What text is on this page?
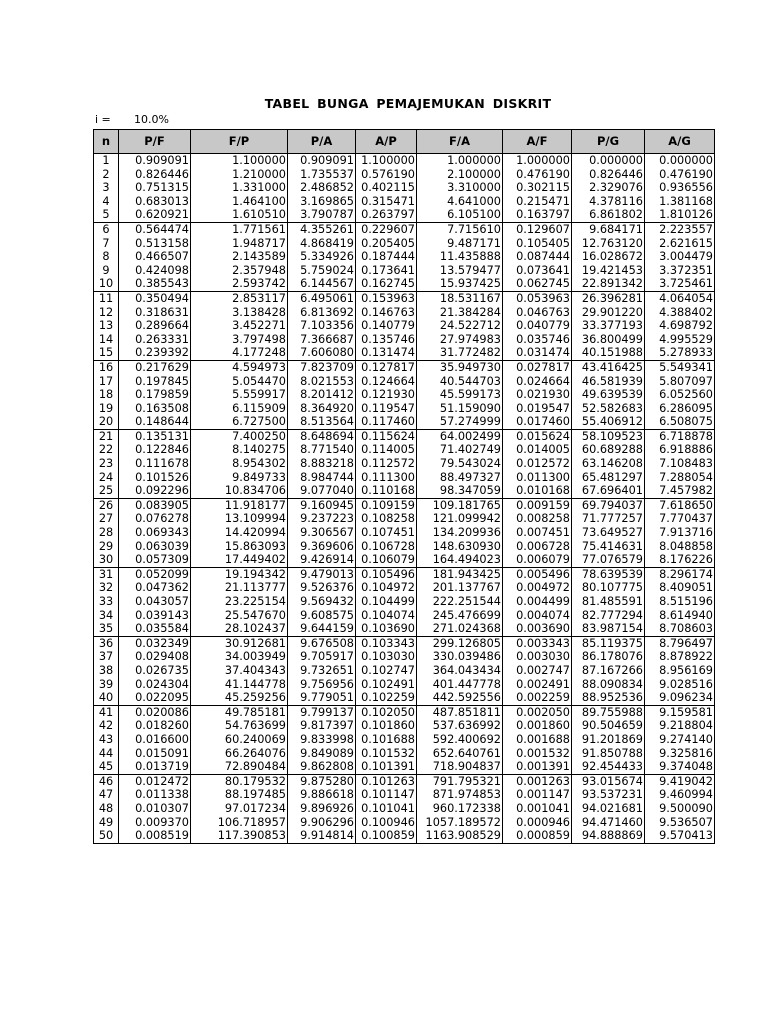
TABEL BUNGA PEMAJEMUKAN DISKRIT
i = 10.0%
n	P/F	F/P	P/A	A/P	F/A	A/F	P/G	A/G
1	0.909091	1.100000	0.909091	1.100000	1.000000	1.000000	0.000000	0.000000
2	0.826446	1.210000	1.735537	0.576190	2.100000	0.476190	0.826446	0.476190
3	0.751315	1.331000	2.486852	0.402115	3.310000	0.302115	2.329076	0.936556
4	0.683013	1.464100	3.169865	0.315471	4.641000	0.215471	4.378116	1.381168
5	0.620921	1.610510	3.790787	0.263797	6.105100	0.163797	6.861802	1.810126
6	0.564474	1.771561	4.355261	0.229607	7.715610	0.129607	9.684171	2.223557
7	0.513158	1.948717	4.868419	0.205405	9.487171	0.105405	12.763120	2.621615
8	0.466507	2.143589	5.334926	0.187444	11.435888	0.087444	16.028672	3.004479
9	0.424098	2.357948	5.759024	0.173641	13.579477	0.073641	19.421453	3.372351
10	0.385543	2.593742	6.144567	0.162745	15.937425	0.062745	22.891342	3.725461
11	0.350494	2.853117	6.495061	0.153963	18.531167	0.053963	26.396281	4.064054
12	0.318631	3.138428	6.813692	0.146763	21.384284	0.046763	29.901220	4.388402
13	0.289664	3.452271	7.103356	0.140779	24.522712	0.040779	33.377193	4.698792
14	0.263331	3.797498	7.366687	0.135746	27.974983	0.035746	36.800499	4.995529
15	0.239392	4.177248	7.606080	0.131474	31.772482	0.031474	40.151988	5.278933
16	0.217629	4.594973	7.823709	0.127817	35.949730	0.027817	43.416425	5.549341
17	0.197845	5.054470	8.021553	0.124664	40.544703	0.024664	46.581939	5.807097
18	0.179859	5.559917	8.201412	0.121930	45.599173	0.021930	49.639539	6.052560
19	0.163508	6.115909	8.364920	0.119547	51.159090	0.019547	52.582683	6.286095
20	0.148644	6.727500	8.513564	0.117460	57.274999	0.017460	55.406912	6.508075
21	0.135131	7.400250	8.648694	0.115624	64.002499	0.015624	58.109523	6.718878
22	0.122846	8.140275	8.771540	0.114005	71.402749	0.014005	60.689288	6.918886
23	0.111678	8.954302	8.883218	0.112572	79.543024	0.012572	63.146208	7.108483
24	0.101526	9.849733	8.984744	0.111300	88.497327	0.011300	65.481297	7.288054
25	0.092296	10.834706	9.077040	0.110168	98.347059	0.010168	67.696401	7.457982
26	0.083905	11.918177	9.160945	0.109159	109.181765	0.009159	69.794037	7.618650
27	0.076278	13.109994	9.237223	0.108258	121.099942	0.008258	71.777257	7.770437
28	0.069343	14.420994	9.306567	0.107451	134.209936	0.007451	73.649527	7.913716
29	0.063039	15.863093	9.369606	0.106728	148.630930	0.006728	75.414631	8.048858
30	0.057309	17.449402	9.426914	0.106079	164.494023	0.006079	77.076579	8.176226
31	0.052099	19.194342	9.479013	0.105496	181.943425	0.005496	78.639539	8.296174
32	0.047362	21.113777	9.526376	0.104972	201.137767	0.004972	80.107775	8.409051
33	0.043057	23.225154	9.569432	0.104499	222.251544	0.004499	81.485591	8.515196
34	0.039143	25.547670	9.608575	0.104074	245.476699	0.004074	82.777294	8.614940
35	0.035584	28.102437	9.644159	0.103690	271.024368	0.003690	83.987154	8.708603
36	0.032349	30.912681	9.676508	0.103343	299.126805	0.003343	85.119375	8.796497
37	0.029408	34.003949	9.705917	0.103030	330.039486	0.003030	86.178076	8.878922
38	0.026735	37.404343	9.732651	0.102747	364.043434	0.002747	87.167266	8.956169
39	0.024304	41.144778	9.756956	0.102491	401.447778	0.002491	88.090834	9.028516
40	0.022095	45.259256	9.779051	0.102259	442.592556	0.002259	88.952536	9.096234
41	0.020086	49.785181	9.799137	0.102050	487.851811	0.002050	89.755988	9.159581
42	0.018260	54.763699	9.817397	0.101860	537.636992	0.001860	90.504659	9.218804
43	0.016600	60.240069	9.833998	0.101688	592.400692	0.001688	91.201869	9.274140
44	0.015091	66.264076	9.849089	0.101532	652.640761	0.001532	91.850788	9.325816
45	0.013719	72.890484	9.862808	0.101391	718.904837	0.001391	92.454433	9.374048
46	0.012472	80.179532	9.875280	0.101263	791.795321	0.001263	93.015674	9.419042
47	0.011338	88.197485	9.886618	0.101147	871.974853	0.001147	93.537231	9.460994
48	0.010307	97.017234	9.896926	0.101041	960.172338	0.001041	94.021681	9.500090
49	0.009370	106.718957	9.906296	0.100946	1057.189572	0.000946	94.471460	9.536507
50	0.008519	117.390853	9.914814	0.100859	1163.908529	0.000859	94.888869	9.570413
